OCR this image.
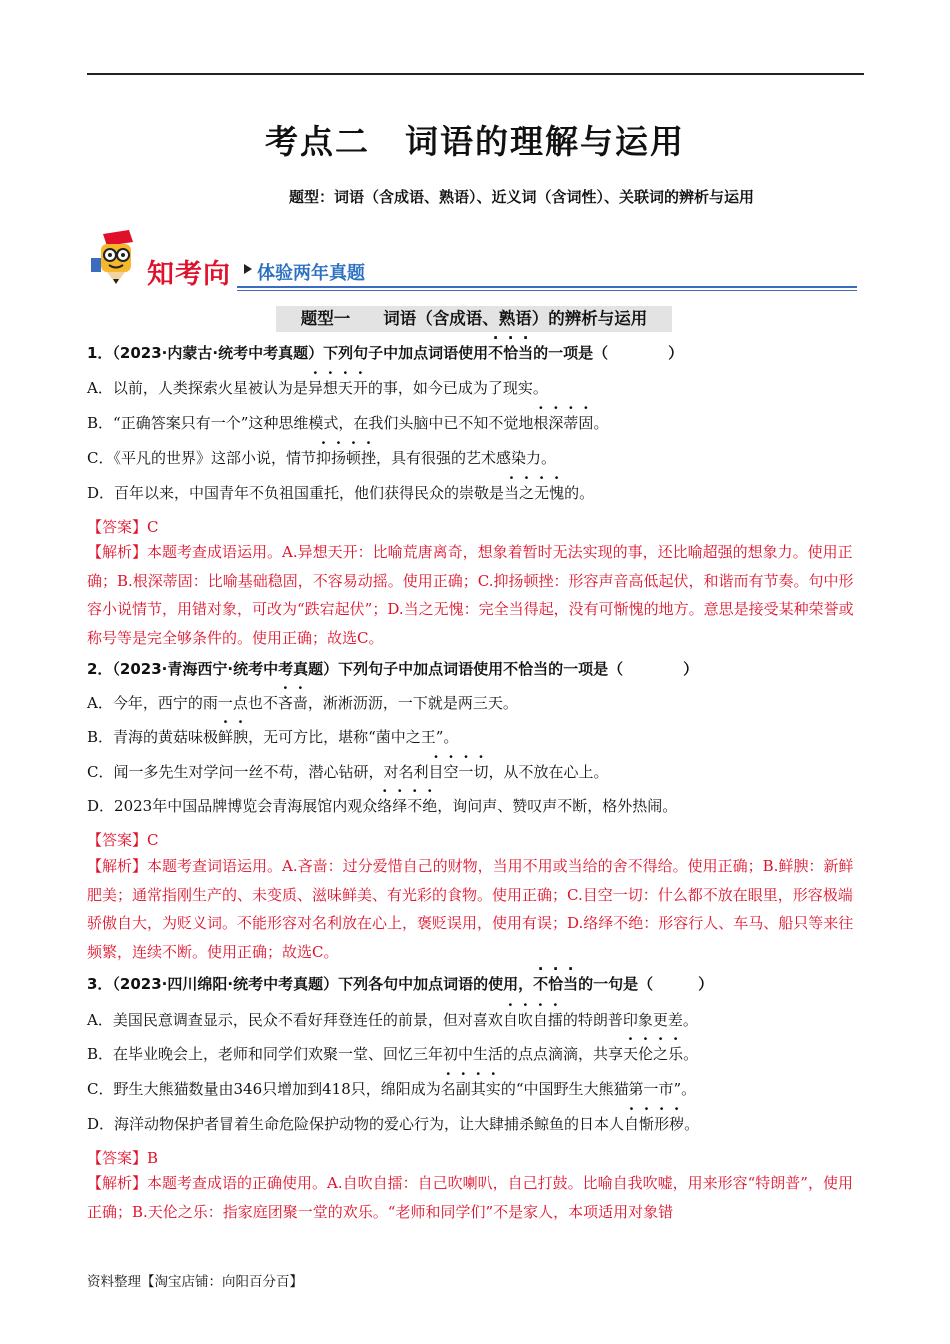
考点二　词语的理解与运用
题型：词语（含成语、熟语）、近义词（含词性）、关联词的辨析与运用
知考向 体验两年真题
题型一　　词语（含成语、熟语）的辨析与运用
1．（2023·内蒙古·统考中考真题）下列句子中加点词语使用不恰当的一项是（　　　　）
A．以前，人类探索火星被认为是异想天开的事，如今已成为了现实。
B．“正确答案只有一个”这种思维模式，在我们头脑中已不知不觉地根深蒂固。
C．《平凡的世界》这部小说，情节抑扬顿挫，具有很强的艺术感染力。
D．百年以来，中国青年不负祖国重托，他们获得民众的崇敬是当之无愧的。
【答案】C
【解析】本题考查成语运用。A.异想天开：比喻荒唐离奇，想象着暂时无法实现的事，还比喻超强的想象力。使用正确；B.根深蒂固：比喻基础稳固，不容易动摇。使用正确；C.抑扬顿挫：形容声音高低起伏，和谐而有节奏。句中形容小说情节，用错对象，可改为“跌宕起伏”；D.当之无愧：完全当得起，没有可惭愧的地方。意思是接受某种荣誉或称号等是完全够条件的。使用正确；故选C。
2．（2023·青海西宁·统考中考真题）下列句子中加点词语使用不恰当的一项是（　　　　）
A．今年，西宁的雨一点也不吝啬，淅淅沥沥，一下就是两三天。
B．青海的黄菇味极鲜腴，无可方比，堪称“菌中之王”。
C．闻一多先生对学问一丝不苟，潜心钻研，对名利目空一切，从不放在心上。
D．2023年中国品牌博览会青海展馆内观众络绎不绝，询问声、赞叹声不断，格外热闹。
【答案】C
【解析】本题考查词语运用。A.吝啬：过分爱惜自己的财物，当用不用或当给的舍不得给。使用正确；B.鲜腴：新鲜肥美；通常指刚生产的、未变质、滋味鲜美、有光彩的食物。使用正确；C.目空一切：什么都不放在眼里，形容极端骄傲自大，为贬义词。不能形容对名利放在心上，褒贬误用，使用有误；D.络绎不绝：形容行人、车马、船只等来往频繁，连续不断。使用正确；故选C。
3．（2023·四川绵阳·统考中考真题）下列各句中加点词语的使用，不恰当的一句是（　　　）
A．美国民意调查显示，民众不看好拜登连任的前景，但对喜欢自吹自擂的特朗普印象更差。
B．在毕业晚会上，老师和同学们欢聚一堂、回忆三年初中生活的点点滴滴，共享天伦之乐。
C．野生大熊猫数量由346只增加到418只，绵阳成为名副其实的“中国野生大熊猫第一市”。
D．海洋动物保护者冒着生命危险保护动物的爱心行为，让大肆捕杀鲸鱼的日本人自惭形秽。
【答案】B
【解析】本题考查成语的正确使用。A.自吹自擂：自己吹喇叭，自己打鼓。比喻自我吹嘘，用来形容“特朗普”，使用正确；B.天伦之乐：指家庭团聚一堂的欢乐。“老师和同学们”不是家人，本项适用对象错
资料整理【淘宝店铺：向阳百分百】
